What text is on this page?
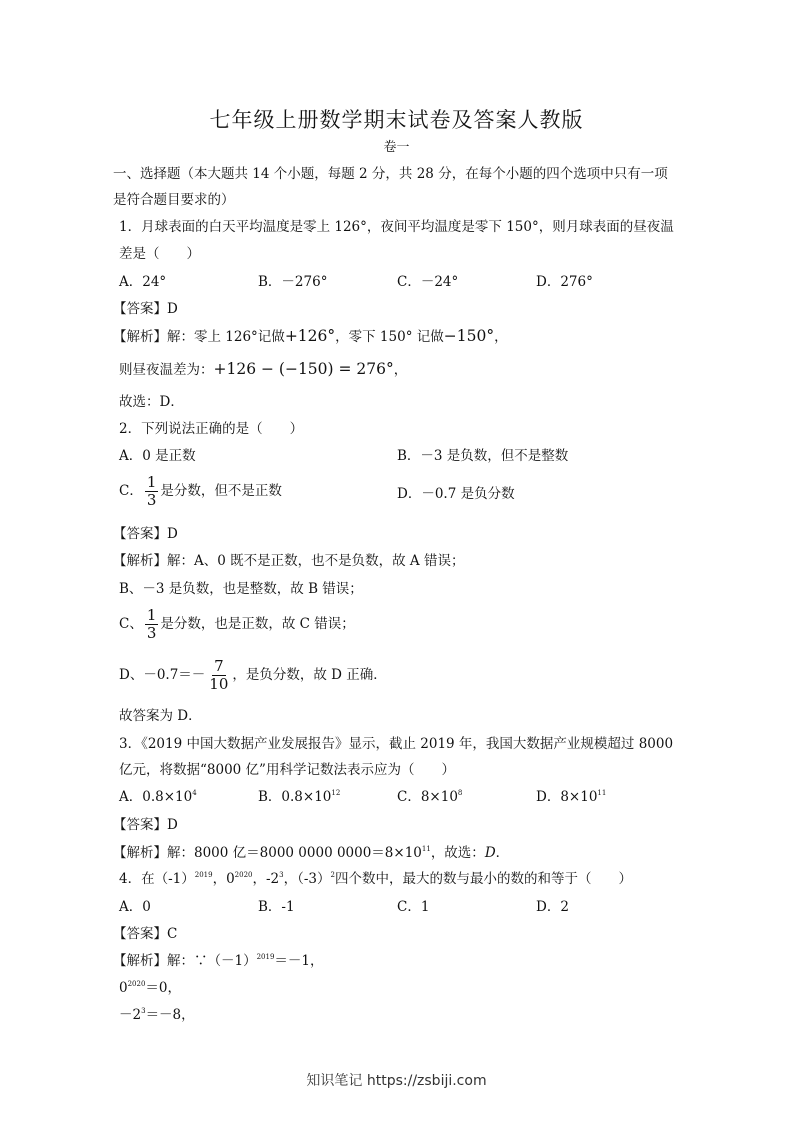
七年级上册数学期末试卷及答案人教版
卷一
一、选择题（本大题共 14 个小题，每题 2 分，共 28 分，在每个小题的四个选项中只有一项
是符合题目要求的）
1．月球表面的白天平均温度是零上 126°，夜间平均温度是零下 150°，则月球表面的昼夜温
差是（　　）
A．24°	B．－276°	C．－24°	D．276°
【答案】D
【解析】解：零上 126°记做+126°，零下 150° 记做−150°，
则昼夜温差为：+126 − (−150) = 276°，
故选：D．
2．下列说法正确的是（　　）
A．0 是正数	B．－3 是负数，但不是整数
C． $\frac{1}{3}$ 是分数，但不是正数	D．－0.7 是负分数
【答案】D
【解析】解：A、0 既不是正数，也不是负数，故 A 错误；
B、－3 是负数，也是整数，故 B 错误；
C、 $\frac{1}{3}$ 是分数，也是正数，故 C 错误；
D、$-0.7=- \frac{7}{10}$ ，是负分数，故 D 正确．
故答案为 D．
3．《2019 中国大数据产业发展报告》显示，截止 2019 年，我国大数据产业规模超过 8000
亿元，将数据“8000 亿”用科学记数法表示应为（　　）
A．$0.8\times 10^4$	B．$0.8\times 10^{12}$	C．$8\times 10^8$	D．$8\times 10^{11}$
【答案】D
【解析】解：8000 亿＝8000 0000 $0000=8\times 10^{11}$，故选：D．
4．在$(-1)^{2019}$，$0^{2020}$，$-2^3$，$(-3)^2$四个数中，最大的数与最小的数的和等于（　　）
A．0	B．-1	C．1	D．2
【答案】C
【解析】解：$\because(-1)^{2019}=-1$，
$0^{2020}=0$，
$-2^3=-8$，
知识笔记 https://zsbiji.com
